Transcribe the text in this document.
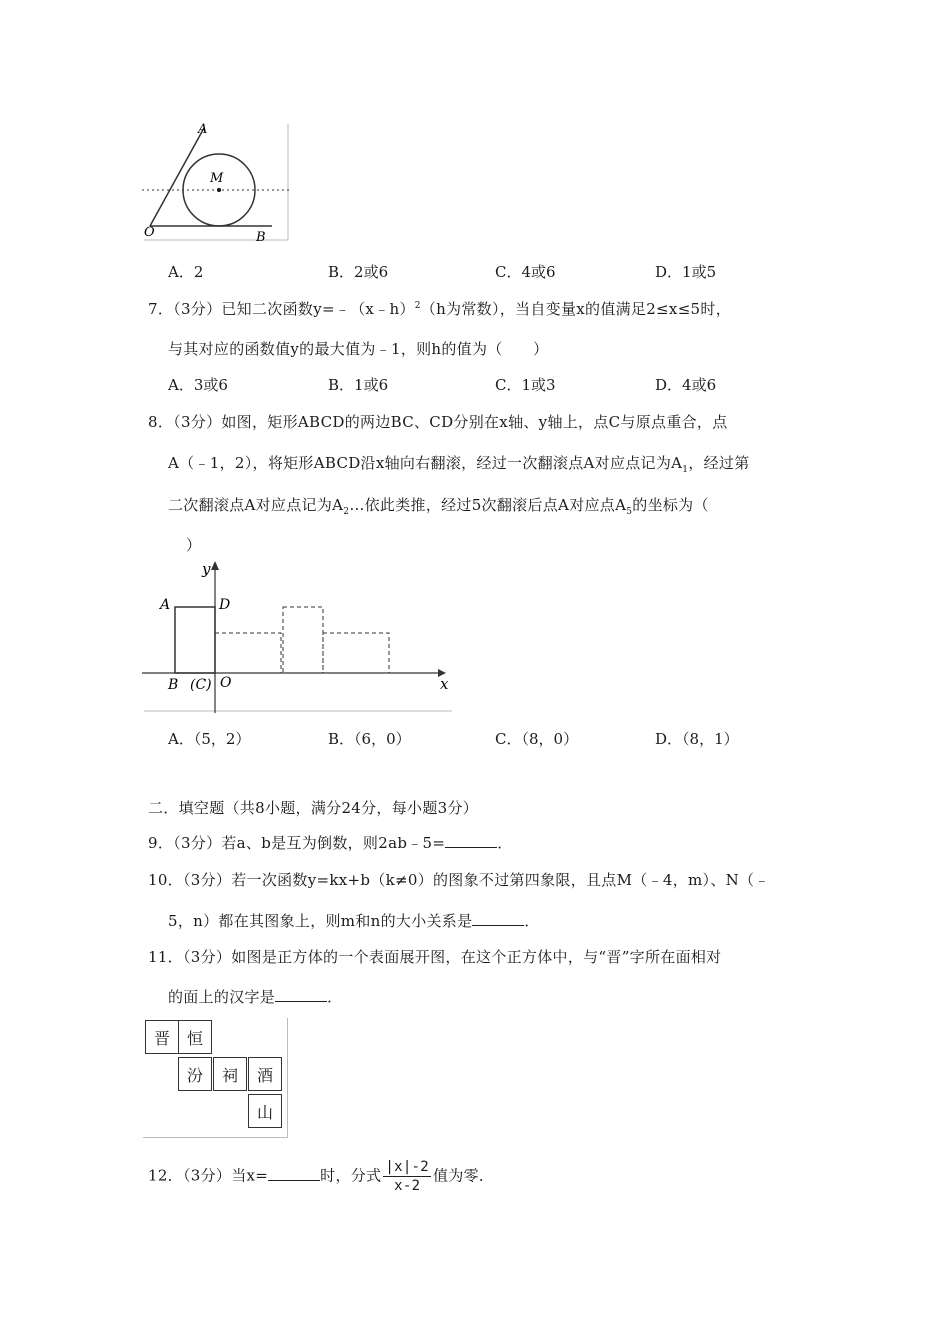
A
M
O	B
A．2	B．2或6	C．4或6	D．1或5
7．（3分）已知二次函数y=﹣（x﹣h）$^2$（h为常数），当自变量x的值满足2≤x≤5时，
与其对应的函数值y的最大值为﹣1，则h的值为（　　）
A．3或6	B．1或6	C．1或3	D．4或6
8．（3分）如图，矩形ABCD的两边BC、CD分别在x轴、y轴上，点C与原点重合，点
A（﹣1，2），将矩形ABCD沿x轴向右翻滚，经过一次翻滚点A对应点记为$A_1$，经过第
二次翻滚点A对应点记为$A_2\dots$依此类推，经过5次翻滚后点A对应点$A_5$的坐标为（
）
y
A	D
B (C) O	x
A．（5，2）	B．（6，0）	C．（8，0）	D．（8，1）
二．填空题（共8小题，满分24分，每小题3分）
9．（3分）若a、b是互为倒数，则2ab﹣5=	．
10．（3分）若一次函数y=kx+b（k≠0）的图象不过第四象限，且点M（﹣4，m）、N（﹣
5，n）都在其图象上，则m和n的大小关系是	．
11．（3分）如图是正方体的一个表面展开图，在这个正方体中，与“晋”字所在面相对
的面上的汉字是	．
晋	恒
汾	祠	酒
山
12．（3分）当x=	时，分式 $\frac{|x|-2}{x-2}$ 值为零．
